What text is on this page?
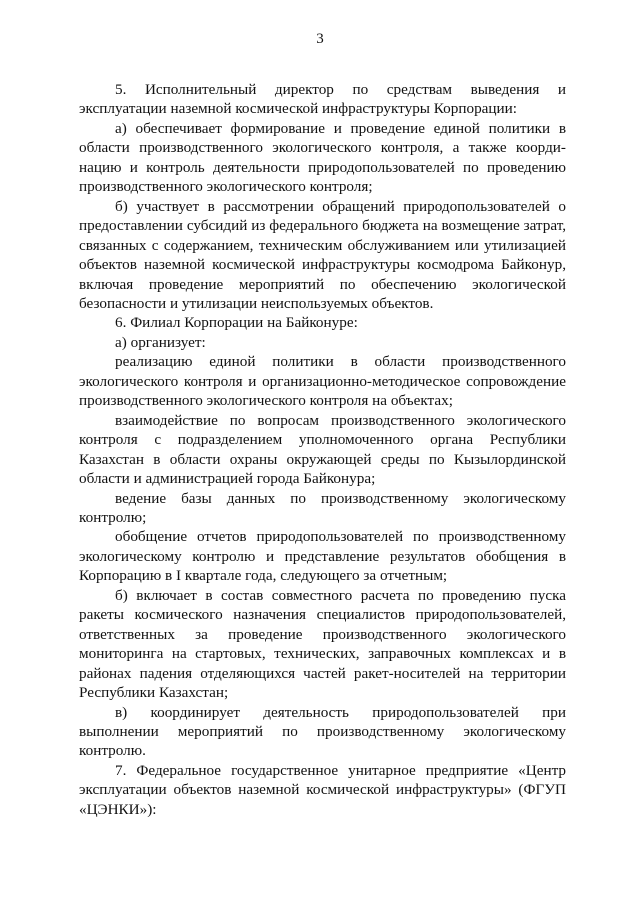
3

5. Исполнительный директор по средствам выведения и
эксплуатации наземной космической инфраструктуры Корпорации:

а) обеспечивает формирование и проведение единой политики в
области производственного экологического контроля, а также коорди-
нацию и контроль деятельности природопользователей по проведению
производственного экологического контроля;

б) участвует в рассмотрении обращений природопользователей о
предоставлении субсидий из федерального бюджета на возмещение затрат,
связанных с содержанием, техническим обслуживанием или утилизацией
объектов наземной космической инфраструктуры космодрома Байконур,
включая проведение мероприятий по обеспечению экологической
безопасности и утилизации неиспользуемых объектов.

6. Филиал Корпорации на Байконуре:

а) организует:

реализацию единой политики в области производственного
экологического контроля и организационно-методическое сопровождение
производственного экологического контроля на объектах;

взаимодействие по вопросам производственного экологического
контроля с подразделением уполномоченного органа Республики
Казахстан в области охраны окружающей среды по Кызылординской
области и администрацией города Байконура;

ведение базы данных по производственному экологическому
контролю;

обобщение отчетов природопользователей по производственному
экологическому контролю и представление результатов обобщения в
Корпорацию в I квартале года, следующего за отчетным;

б) включает в состав совместного расчета по проведению пуска
ракеты космического назначения специалистов природопользователей,
ответственных за проведение производственного экологического
мониторинга на стартовых, технических, заправочных комплексах и в
районах падения отделяющихся частей ракет-носителей на территории
Республики Казахстан;

в) координирует деятельность природопользователей при
выполнении мероприятий по производственному экологическому
контролю.

7. Федеральное государственное унитарное предприятие «Центр
эксплуатации объектов наземной космической инфраструктуры» (ФГУП
«ЦЭНКИ»):
